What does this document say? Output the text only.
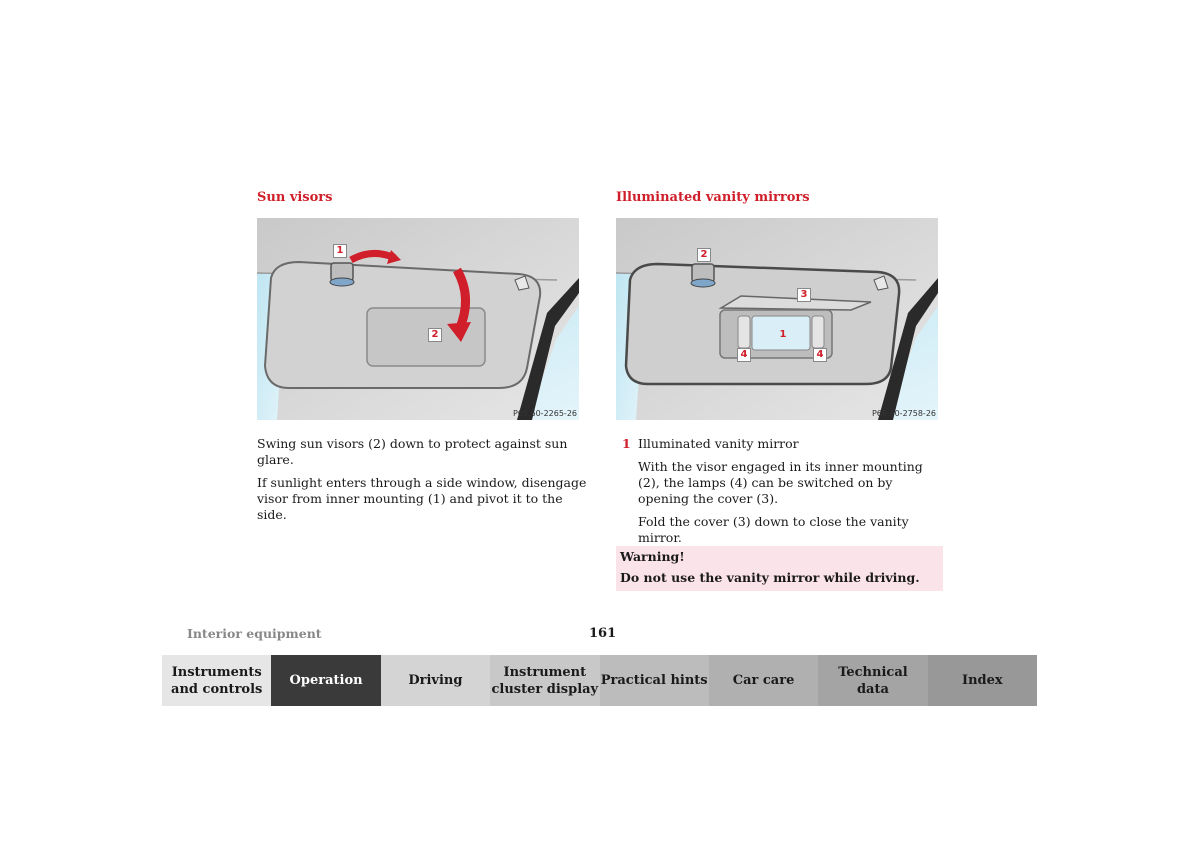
Sun visors
1
2
P68.60-2265-26

Swing sun visors (2) down to protect against sun glare.

If sunlight enters through a side window, disengage visor from inner mounting (1) and pivot it to the side.

Illuminated vanity mirrors
2
3
1
4	4
P68.60-2758-26
1 Illuminated vanity mirror

With the visor engaged in its inner mounting (2), the lamps (4) can be switched on by opening the cover (3).

Fold the cover (3) down to close the vanity mirror.

Warning!
Do not use the vanity mirror while driving.
Interior equipment	161
Instruments
and controls
Operation	Driving
Instrument
cluster display
Practical hints	Car care
Technical
data
Index
